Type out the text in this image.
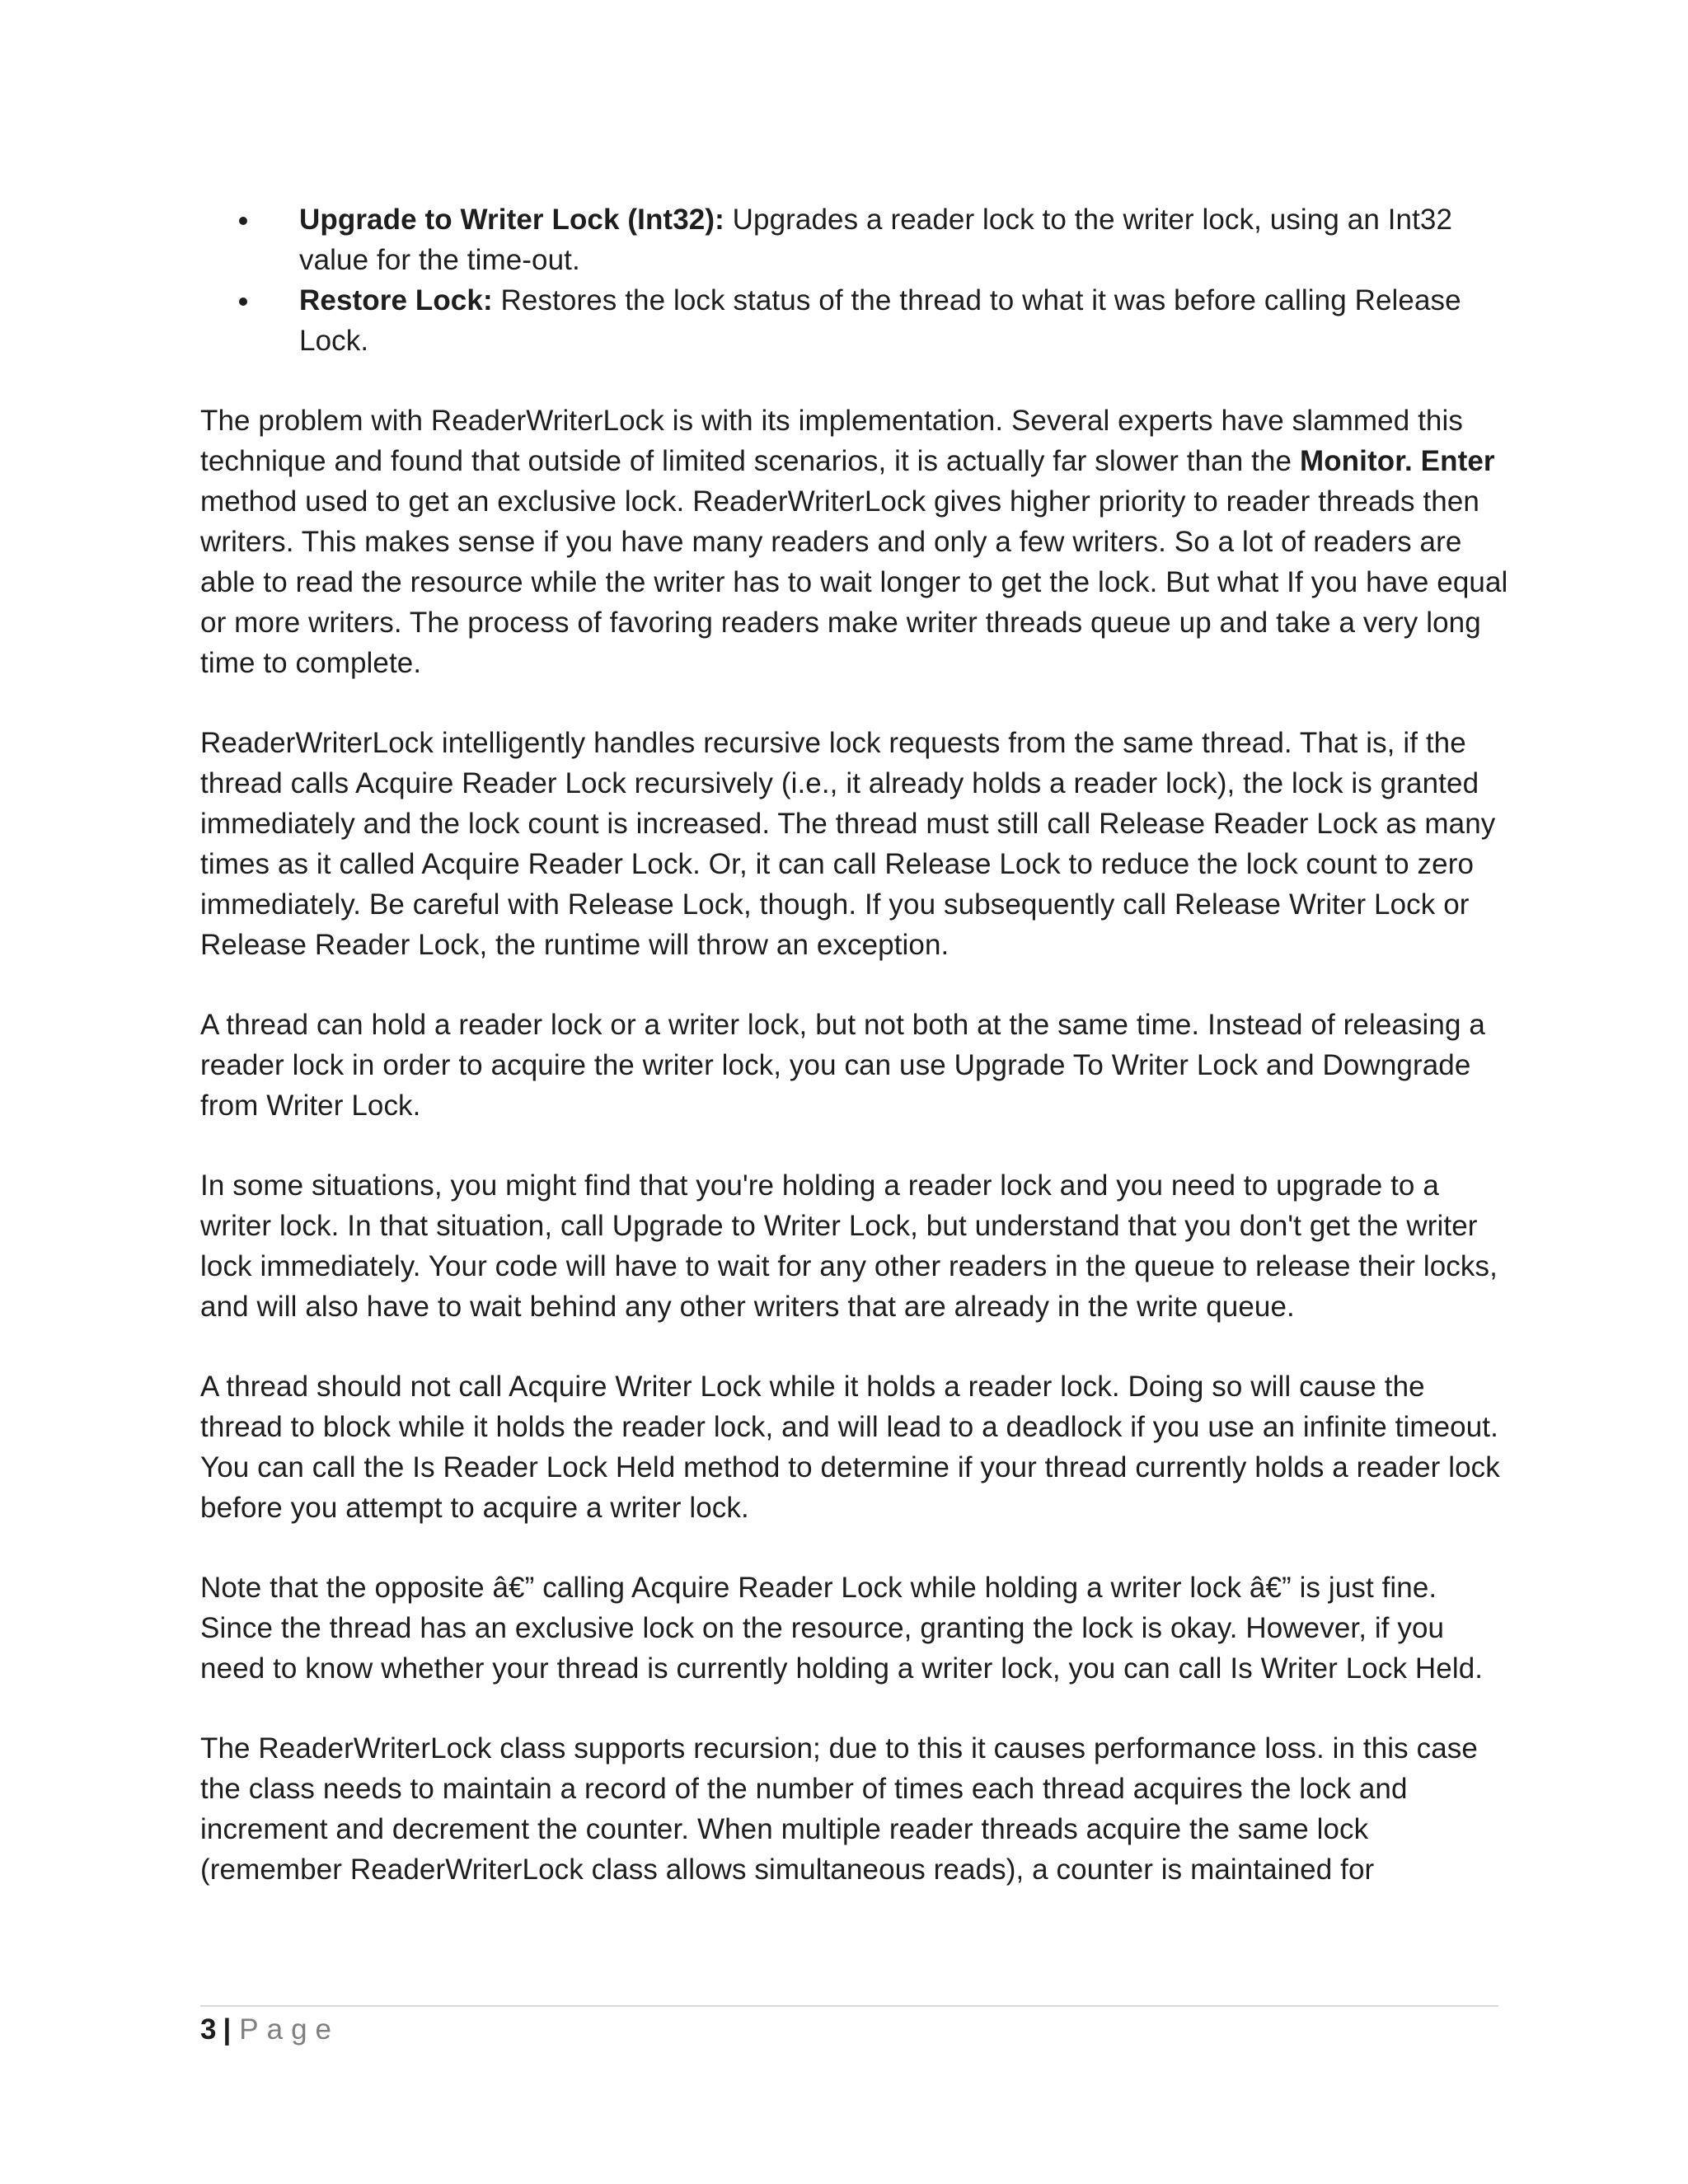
Upgrade to Writer Lock (Int32): Upgrades a reader lock to the writer lock, using an Int32 value for the time-out.
Restore Lock: Restores the lock status of the thread to what it was before calling Release Lock.

The problem with ReaderWriterLock is with its implementation. Several experts have slammed this technique and found that outside of limited scenarios, it is actually far slower than the Monitor. Enter method used to get an exclusive lock. ReaderWriterLock gives higher priority to reader threads then writers. This makes sense if you have many readers and only a few writers. So a lot of readers are able to read the resource while the writer has to wait longer to get the lock. But what If you have equal or more writers. The process of favoring readers make writer threads queue up and take a very long time to complete.

ReaderWriterLock intelligently handles recursive lock requests from the same thread. That is, if the thread calls Acquire Reader Lock recursively (i.e., it already holds a reader lock), the lock is granted immediately and the lock count is increased. The thread must still call Release Reader Lock as many times as it called Acquire Reader Lock. Or, it can call Release Lock to reduce the lock count to zero immediately. Be careful with Release Lock, though. If you subsequently call Release Writer Lock or Release Reader Lock, the runtime will throw an exception.

A thread can hold a reader lock or a writer lock, but not both at the same time. Instead of releasing a reader lock in order to acquire the writer lock, you can use Upgrade To Writer Lock and Downgrade from Writer Lock.

In some situations, you might find that you're holding a reader lock and you need to upgrade to a writer lock. In that situation, call Upgrade to Writer Lock, but understand that you don't get the writer lock immediately. Your code will have to wait for any other readers in the queue to release their locks, and will also have to wait behind any other writers that are already in the write queue.

A thread should not call Acquire Writer Lock while it holds a reader lock. Doing so will cause the thread to block while it holds the reader lock, and will lead to a deadlock if you use an infinite timeout. You can call the Is Reader Lock Held method to determine if your thread currently holds a reader lock before you attempt to acquire a writer lock.

Note that the opposite â€” calling Acquire Reader Lock while holding a writer lock â€” is just fine. Since the thread has an exclusive lock on the resource, granting the lock is okay. However, if you need to know whether your thread is currently holding a writer lock, you can call Is Writer Lock Held.

The ReaderWriterLock class supports recursion; due to this it causes performance loss. in this case the class needs to maintain a record of the number of times each thread acquires the lock and increment and decrement the counter. When multiple reader threads acquire the same lock (remember ReaderWriterLock class allows simultaneous reads), a counter is maintained for

3 | Page
